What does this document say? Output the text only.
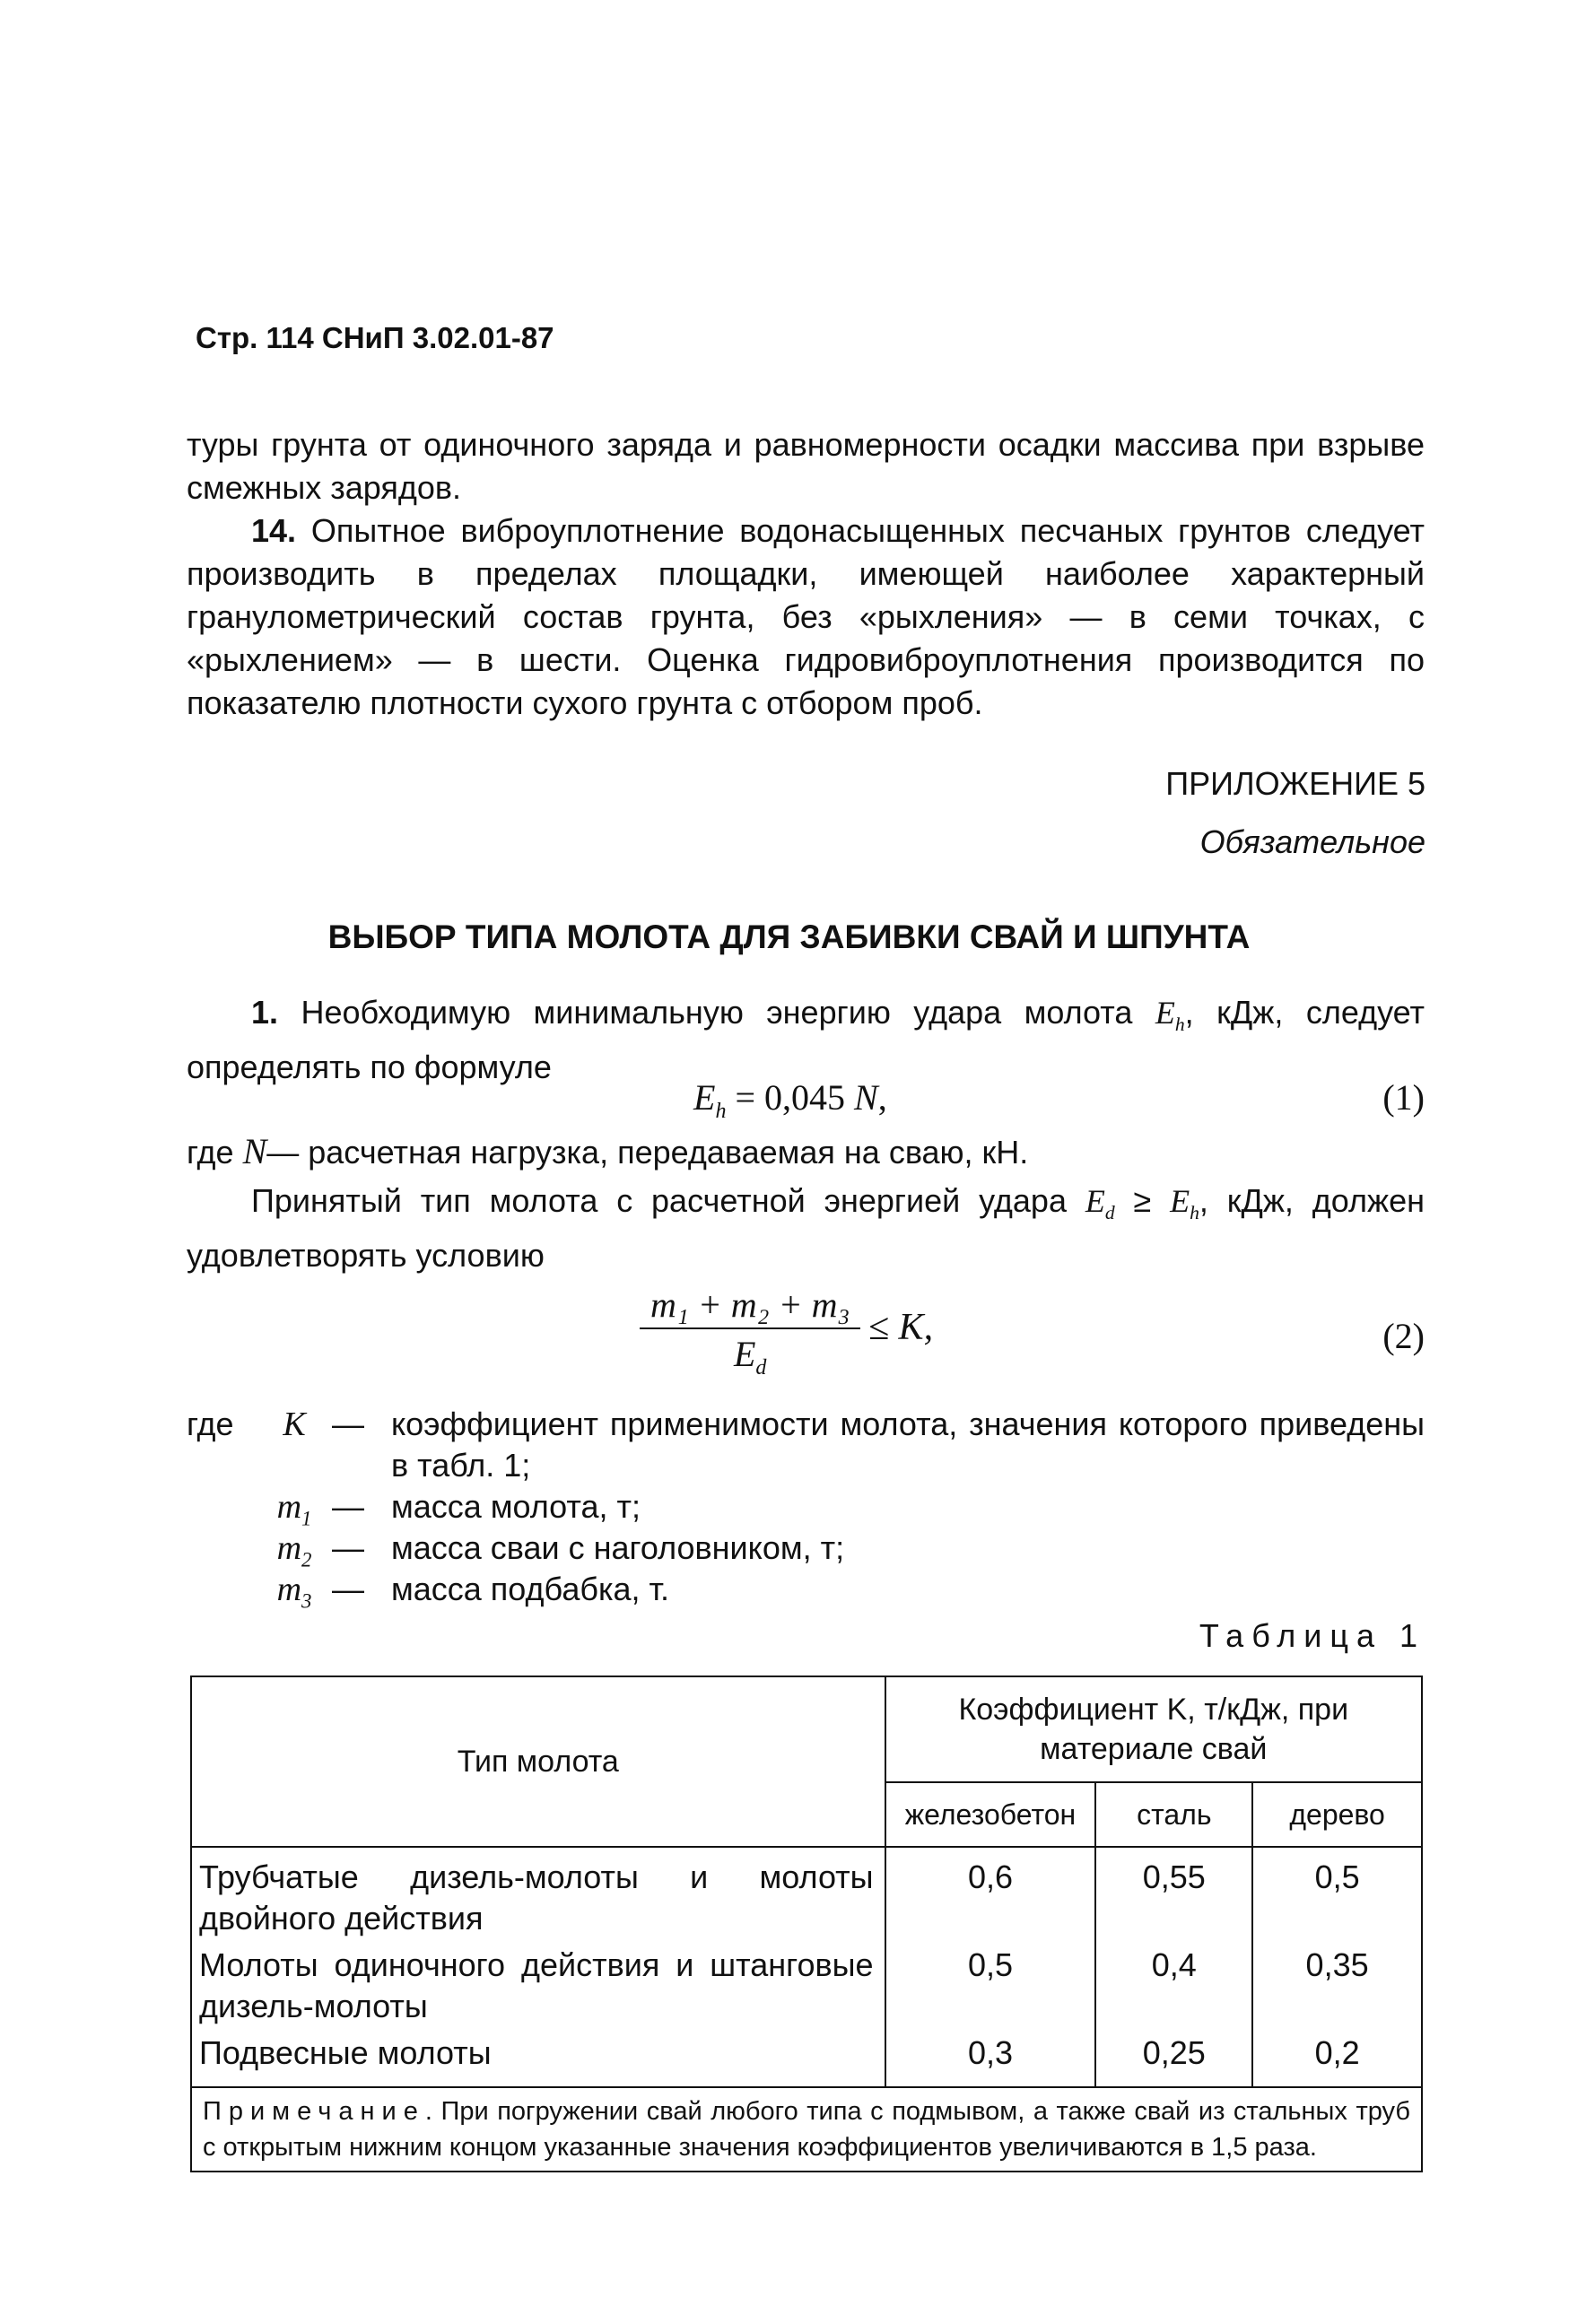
Стр. 114 СНиП 3.02.01-87
туры грунта от одиночного заряда и равномерности осадки массива при взрыве смежных зарядов.
14. Опытное виброуплотнение водонасыщенных песчаных грунтов следует производить в пределах площадки, имеющей наиболее характерный гранулометрический состав грунта, без «рыхления» — в семи точках, с «рыхлением» — в шести. Оценка гидровиброуплотнения производится по показателю плотности сухого грунта с отбором проб.
ПРИЛОЖЕНИЕ 5
Обязательное
ВЫБОР ТИПА МОЛОТА ДЛЯ ЗАБИВКИ СВАЙ И ШПУНТА
1. Необходимую минимальную энергию удара молота $E_h$, кДж, следует определять по формуле
$E_h = 0,045$ N,	(1)
где N— расчетная нагрузка, передаваемая на сваю, кН.
Принятый тип молота с расчетной энергией удара $E_d \ge E_h$, кДж, должен удовлетворять условию
$\frac{\text{m₁ + m₂ + m₃}}{E_d} \le K$,	(2)
где	K — коэффициент применимости молота, значения которого приведены в табл. 1;
$m_1$ — масса молота, т;
$m_2$ — масса сваи с наголовником, т;
$m_3$ — масса подбабка, т.
Таблица 1
Тип молота	Коэффициент K, т/кДж, при материале свай		
	железобетон	сталь	дерево
Трубчатые дизель-молоты и молоты двойного действия	0,6	0,55	0,5
Молоты одиночного действия и штанговые дизель-молоты	0,5	0,4	0,35
Подвесные молоты	0,3	0,25	0,2
Примечание. При погружении свай любого типа с подмывом, а также свай из стальных труб с открытым нижним концом указанные значения коэффициентов увеличиваются в 1,5 раза.			
